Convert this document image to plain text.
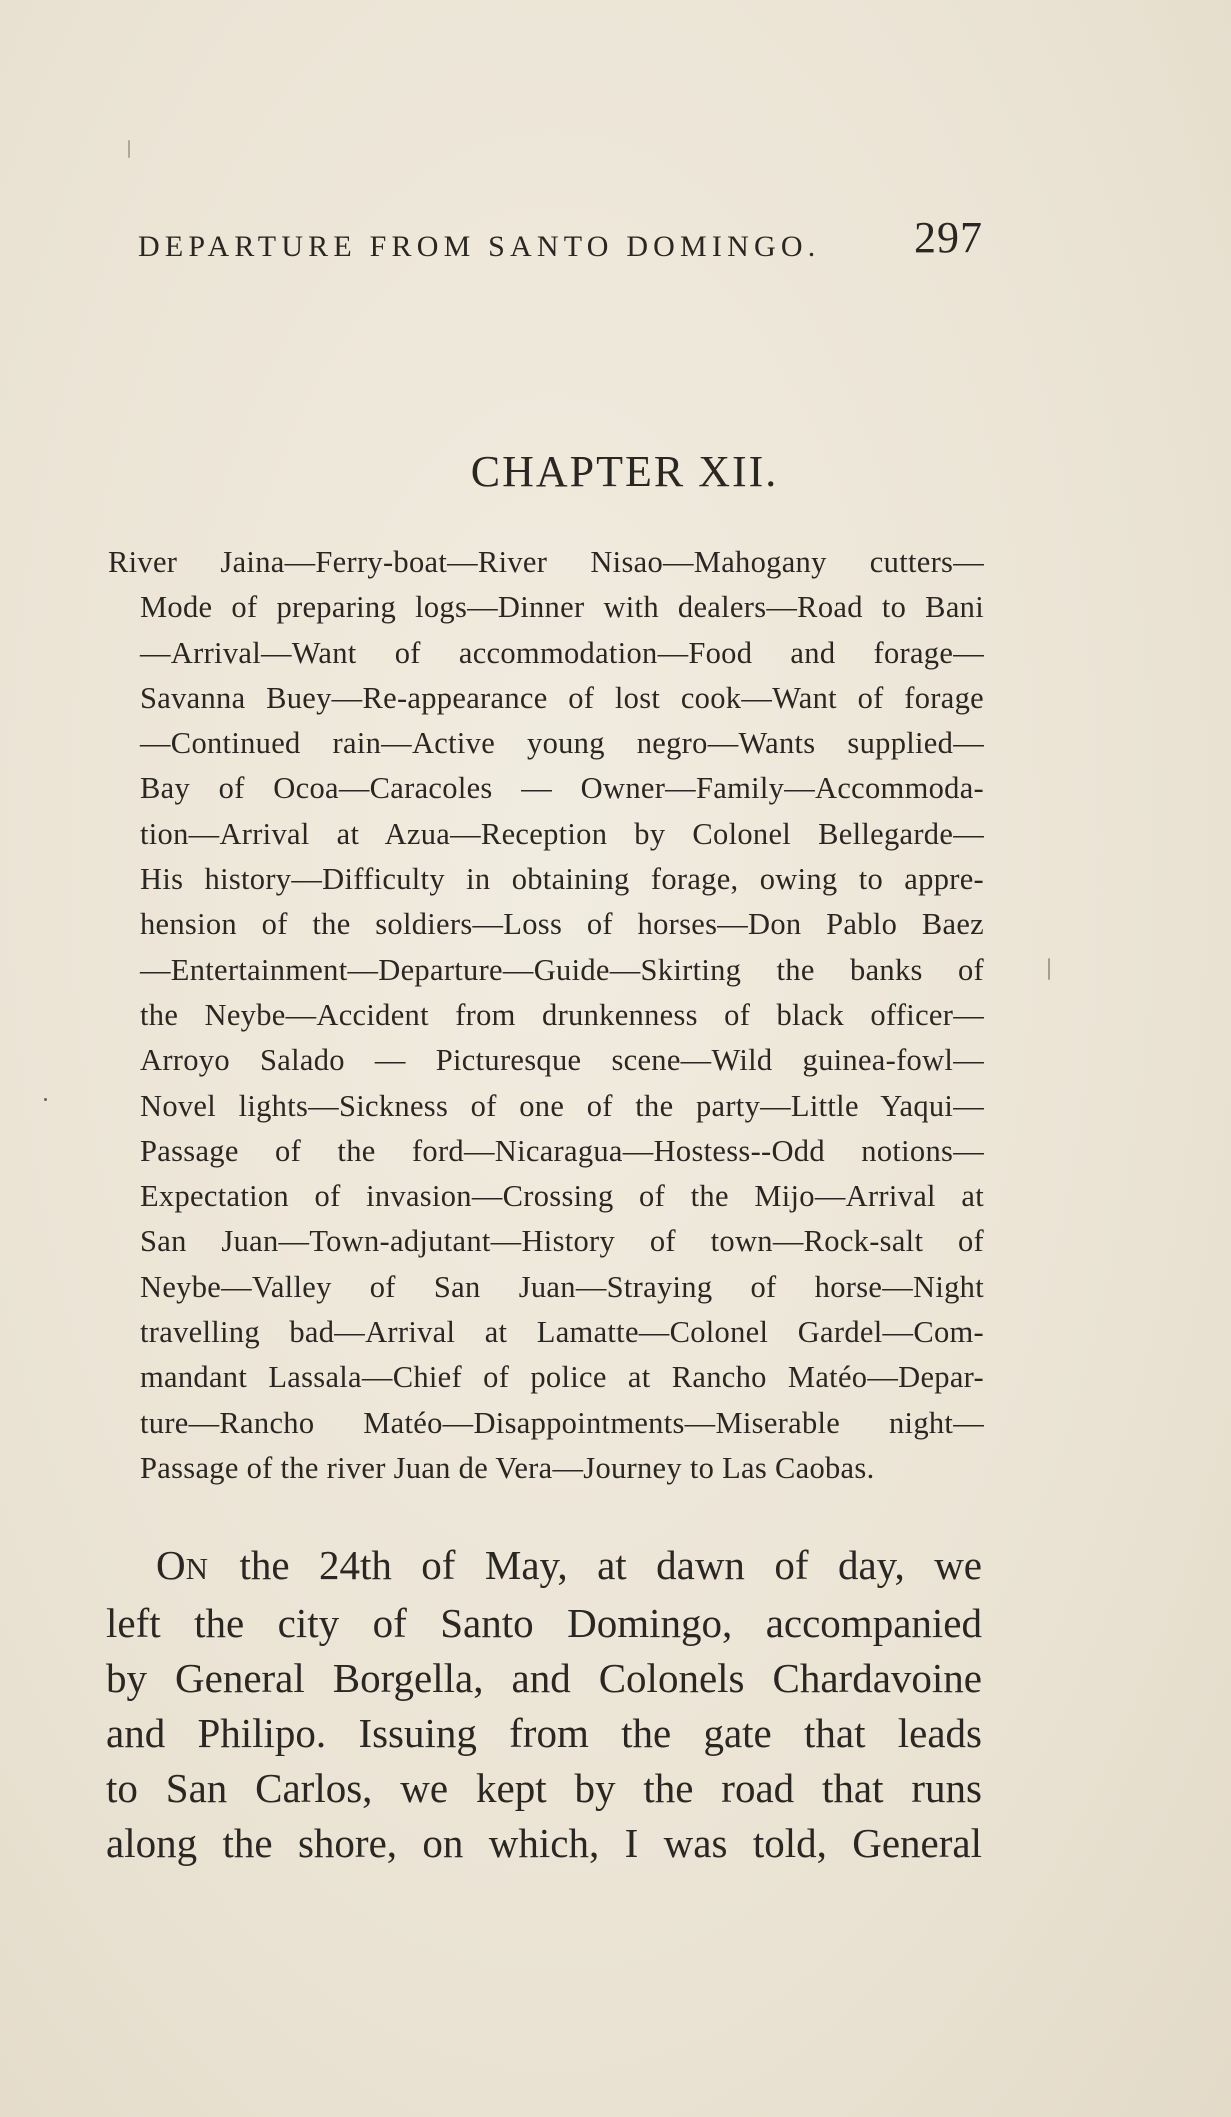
DEPARTURE FROM SANTO DOMINGO. 297
CHAPTER XII.
River Jaina—Ferry-boat—River Nisao—Mahogany cutters—
Mode of preparing logs—Dinner with dealers—Road to Bani
—Arrival—Want of accommodation—Food and forage—
Savanna Buey—Re-appearance of lost cook—Want of forage
—Continued rain—Active young negro—Wants supplied—
Bay of Ocoa—Caracoles — Owner—Family—Accommoda-
tion—Arrival at Azua—Reception by Colonel Bellegarde—
His history—Difficulty in obtaining forage, owing to appre-
hension of the soldiers—Loss of horses—Don Pablo Baez
—Entertainment—Departure—Guide—Skirting the banks of
the Neybe—Accident from drunkenness of black officer—
Arroyo Salado — Picturesque scene—Wild guinea-fowl—
Novel lights—Sickness of one of the party—Little Yaqui—
Passage of the ford—Nicaragua—Hostess--Odd notions—
Expectation of invasion—Crossing of the Mijo—Arrival at
San Juan—Town-adjutant—History of town—Rock-salt of
Neybe—Valley of San Juan—Straying of horse—Night
travelling bad—Arrival at Lamatte—Colonel Gardel—Com-
mandant Lassala—Chief of police at Rancho Matéo—Depar-
ture—Rancho Matéo—Disappointments—Miserable night—
Passage of the river Juan de Vera—Journey to Las Caobas.
ON the 24th of May, at dawn of day, we
left the city of Santo Domingo, accompanied
by General Borgella, and Colonels Chardavoine
and Philipo. Issuing from the gate that leads
to San Carlos, we kept by the road that runs
along the shore, on which, I was told, General
